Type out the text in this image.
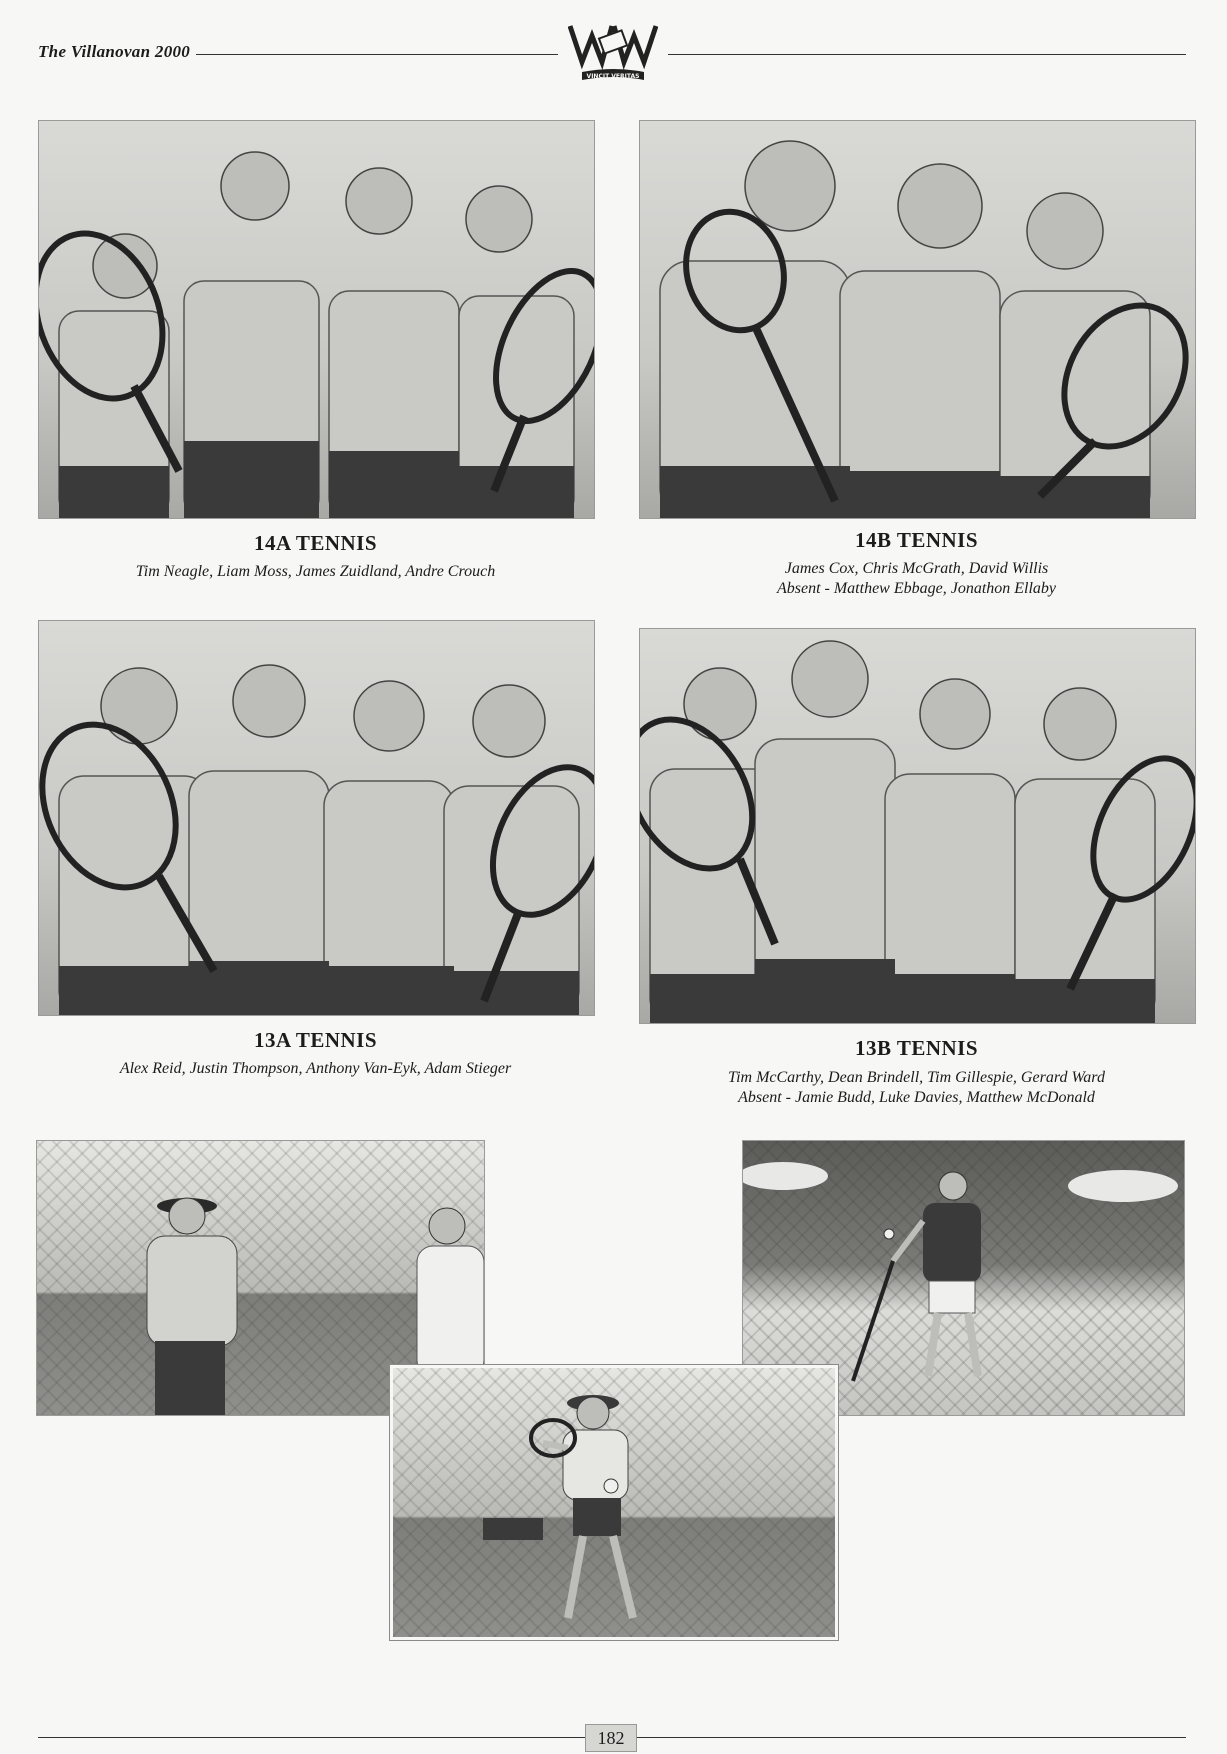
The Villanovan 2000
VINCIT VERITAS
14A TENNIS
Tim Neagle, Liam Moss, James Zuidland, Andre Crouch
14B TENNIS
James Cox, Chris McGrath, David Willis
Absent - Matthew Ebbage, Jonathon Ellaby
13A TENNIS
Alex Reid, Justin Thompson, Anthony Van-Eyk, Adam Stieger
13B TENNIS
Tim McCarthy, Dean Brindell, Tim Gillespie, Gerard Ward
Absent - Jamie Budd, Luke Davies, Matthew McDonald
182
